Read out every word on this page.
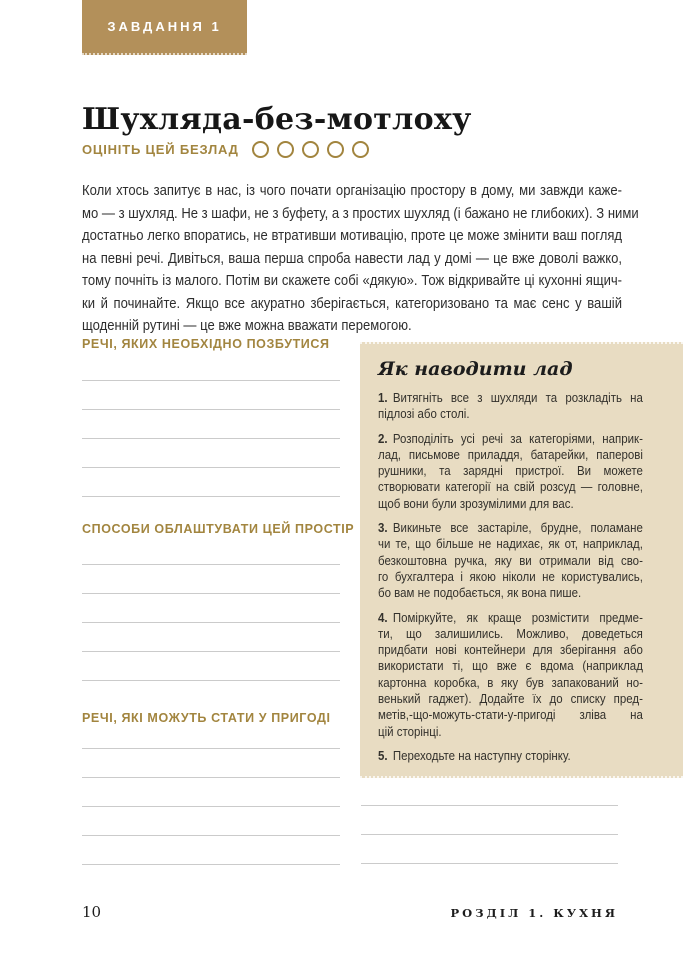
ЗАВДАННЯ 1
Шухляда-без-мотлоху
ОЦІНІТЬ ЦЕЙ БЕЗЛАД
Коли хтось запитує в нас, із чого почати організацію простору в дому, ми завжди каже-
мо — з шухляд. Не з шафи, не з буфету, а з простих шухляд (і бажано не глибоких). З ними
достатньо легко впоратись, не втративши мотивацію, проте це може змінити ваш погляд
на певні речі. Дивіться, ваша перша спроба навести лад у домі — це вже доволі важко,
тому почніть із малого. Потім ви скажете собі «дякую». Тож відкривайте ці кухонні ящич-
ки й починайте. Якщо все акуратно зберігається, категоризовано та має сенс у вашій
щоденній рутині — це вже можна вважати перемогою.
РЕЧІ, ЯКИХ НЕОБХІДНО ПОЗБУТИСЯ
СПОСОБИ ОБЛАШТУВАТИ ЦЕЙ ПРОСТІР
РЕЧІ, ЯКІ МОЖУТЬ СТАТИ У ПРИГОДІ

Як наводити лад

1. Витягніть все з шухляди та розкладіть на
підлозі або столі.
2. Розподіліть усі речі за категоріями, наприк-
лад, письмове приладдя, батарейки, паперові
рушники, та зарядні пристрої. Ви можете
створювати категорії на свій розсуд — головне,
щоб вони були зрозумілими для вас.
3. Викиньте все застаріле, брудне, поламане
чи те, що більше не надихає, як от, наприклад,
безкоштовна ручка, яку ви отримали від сво-
го бухгалтера і якою ніколи не користувались,
бо вам не подобається, як вона пише.
4. Поміркуйте, як краще розмістити предме-
ти, що залишились. Можливо, доведеться
придбати нові контейнери для зберігання або
використати ті, що вже є вдома (наприклад
картонна коробка, в яку був запакований но-
венький гаджет). Додайте їх до списку пред-
метів,-що-можуть-стати-у-пригоді зліва на
цій сторінці.
5. Переходьте на наступну сторінку.
10	РОЗДІЛ 1. КУХНЯ
